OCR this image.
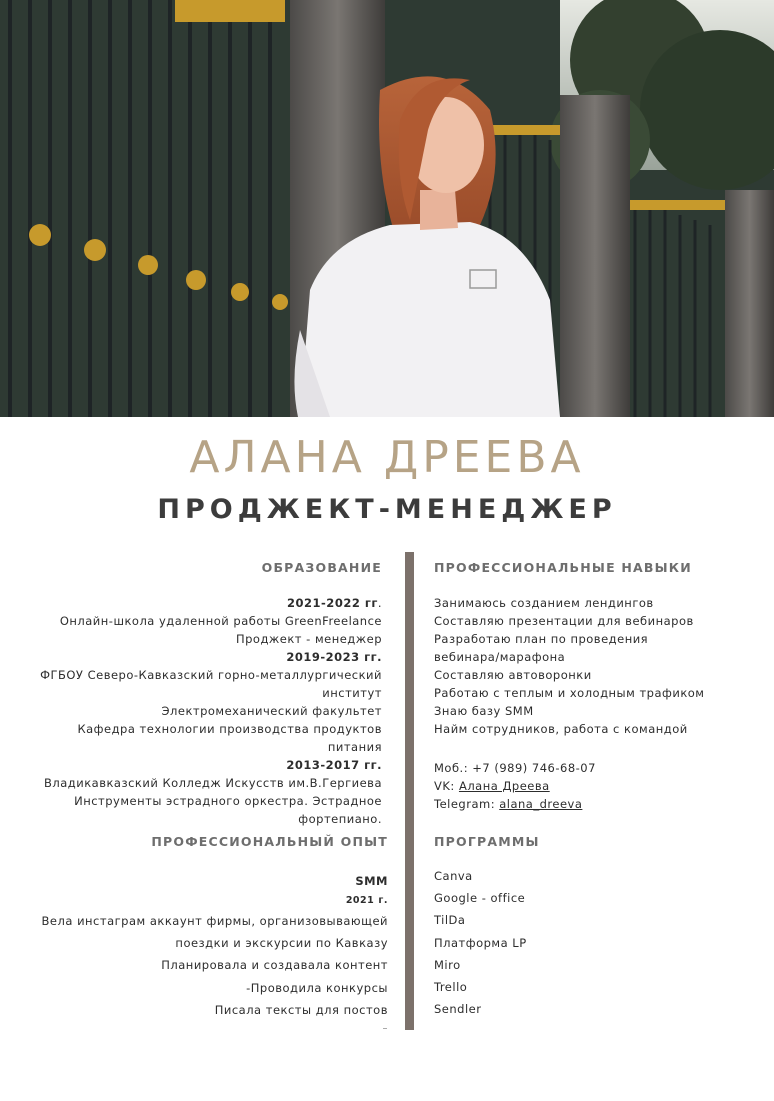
АЛАНА ДРЕЕВА
ПРОДЖЕКТ-МЕНЕДЖЕР

ОБРАЗОВАНИЕ

2021-2022 гг.

Онлайн-школа удаленной работы GreenFreelance

Проджект - менеджер

2019-2023 гг.

ФГБОУ Северо-Кавказский горно-металлургический

институт

Электромеханический факультет

Кафедра технологии производства продуктов питания

2013-2017 гг.

Владикавказский Колледж Искусств им.В.Гергиева

Инструменты эстрадного оркестра. Эстрадное

фортепиано.

ПРОФЕССИОНАЛЬНЫЙ ОПЫТ

SMM

2021 г.

Вела инстаграм аккаунт фирмы, организовывающей

поездки и экскурсии по Кавказу

Планировала и создавала контент

-Проводила конкурсы

Писала тексты для постов

ПРОФЕССИОНАЛЬНЫЕ НАВЫКИ

Занимаюсь созданием лендингов

Составляю презентации для вебинаров

Разработаю план по проведения

вебинара/марафона

Составляю автоворонки

Работаю с теплым и холодным трафиком

Знаю базу SMM

Найм сотрудников, работа с командой

Моб.: +7 (989) 746-68-07

VK: Алана Дреева

Telegram: alana_dreeva

ПРОГРАММЫ

Canva

Google - office

TilDa

Платформа LP

Miro

Trello

Sendler
